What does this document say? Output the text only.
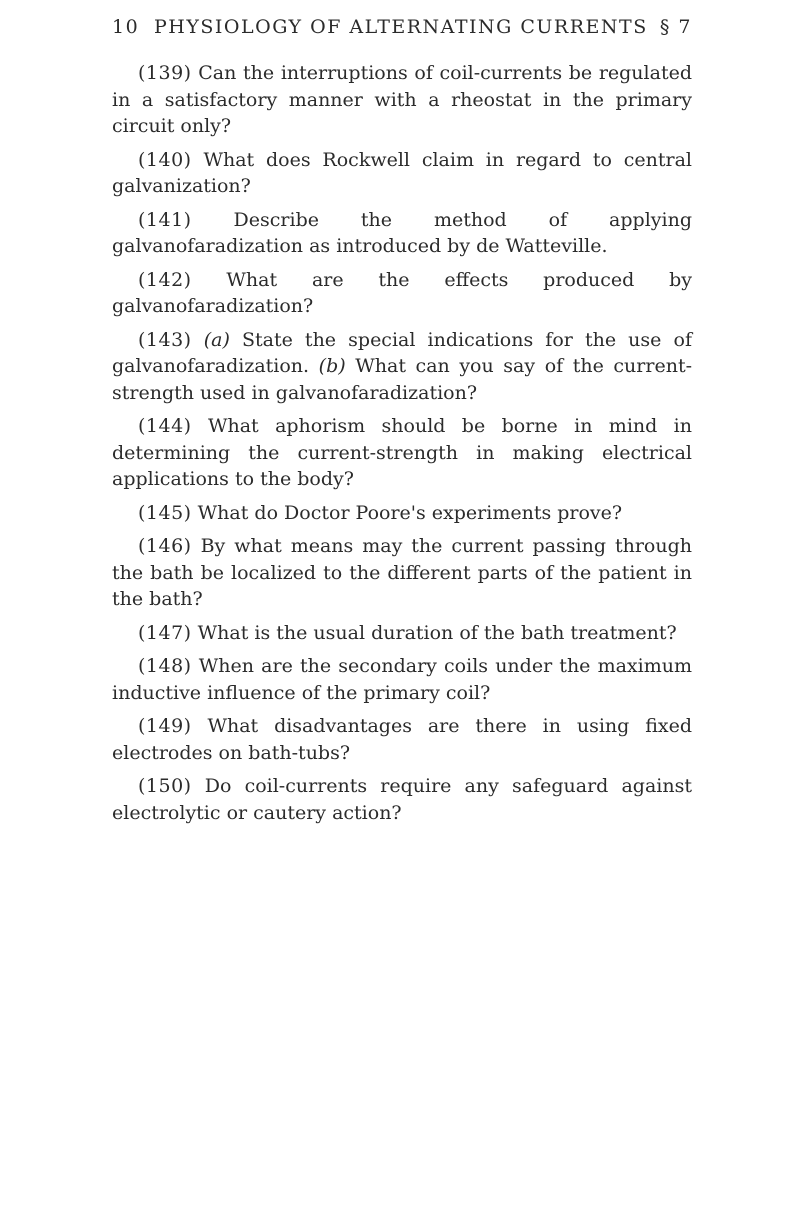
10 PHYSIOLOGY OF ALTERNATING CURRENTS § 7

(139) Can the interruptions of coil-currents be regulated in a satisfactory manner with a rheostat in the primary circuit only?

(140) What does Rockwell claim in regard to central galvanization?

(141) Describe the method of applying galvanofaradization as introduced by de Watteville.

(142) What are the effects produced by galvanofaradization?

(143) (a) State the special indications for the use of galvanofaradization. (b) What can you say of the current-strength used in galvanofaradization?

(144) What aphorism should be borne in mind in determining the current-strength in making electrical applications to the body?

(145) What do Doctor Poore's experiments prove?

(146) By what means may the current passing through the bath be localized to the different parts of the patient in the bath?

(147) What is the usual duration of the bath treatment?

(148) When are the secondary coils under the maximum inductive influence of the primary coil?

(149) What disadvantages are there in using fixed electrodes on bath-tubs?

(150) Do coil-currents require any safeguard against electrolytic or cautery action?
